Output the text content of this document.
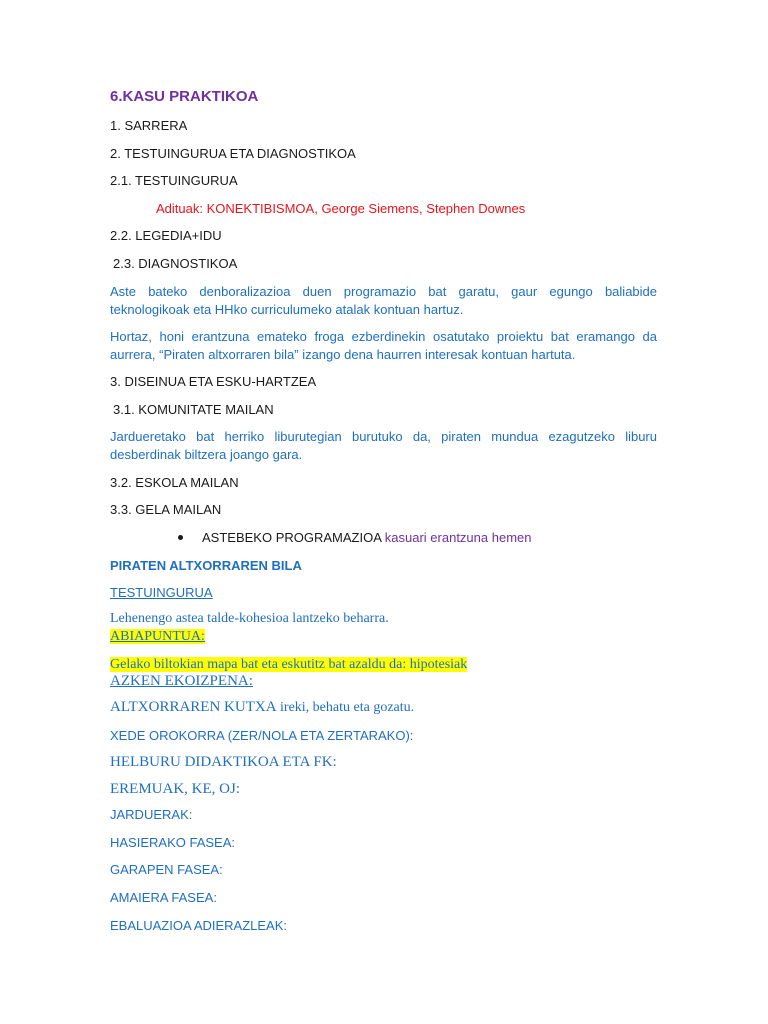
6.KASU PRAKTIKOA
1. SARRERA
2. TESTUINGURUA ETA DIAGNOSTIKOA
2.1. TESTUINGURUA
Adituak: KONEKTIBISMOA, George Siemens, Stephen Downes
2.2. LEGEDIA+IDU
2.3. DIAGNOSTIKOA
Aste bateko denboralizazioa duen programazio bat garatu, gaur egungo baliabide teknologikoak eta HHko curriculumeko atalak kontuan hartuz.
Hortaz, honi erantzuna emateko froga ezberdinekin osatutako proiektu bat eramango da aurrera, “Piraten altxorraren bila” izango dena haurren interesak kontuan hartuta.
3. DISEINUA ETA ESKU-HARTZEA
3.1. KOMUNITATE MAILAN
Jardueretako bat herriko liburutegian burutuko da, piraten mundua ezagutzeko liburu desberdinak biltzera joango gara.
3.2. ESKOLA MAILAN
3.3. GELA MAILAN
ASTEBEKO PROGRAMAZIOA kasuari erantzuna hemen
PIRATEN ALTXORRAREN BILA
TESTUINGURUA
Lehenengo astea talde-kohesioa lantzeko beharra.
ABIAPUNTUA:
Gelako biltokian mapa bat eta eskutitz bat azaldu da: hipotesiak
AZKEN EKOIZPENA:
ALTXORRAREN KUTXA ireki, behatu eta gozatu.
XEDE OROKORRA (ZER/NOLA ETA ZERTARAKO):
HELBURU DIDAKTIKOA ETA FK:
EREMUAK, KE, OJ:
JARDUERAK:
HASIERAKO FASEA:
GARAPEN FASEA:
AMAIERA FASEA:
EBALUAZIOA ADIERAZLEAK:
